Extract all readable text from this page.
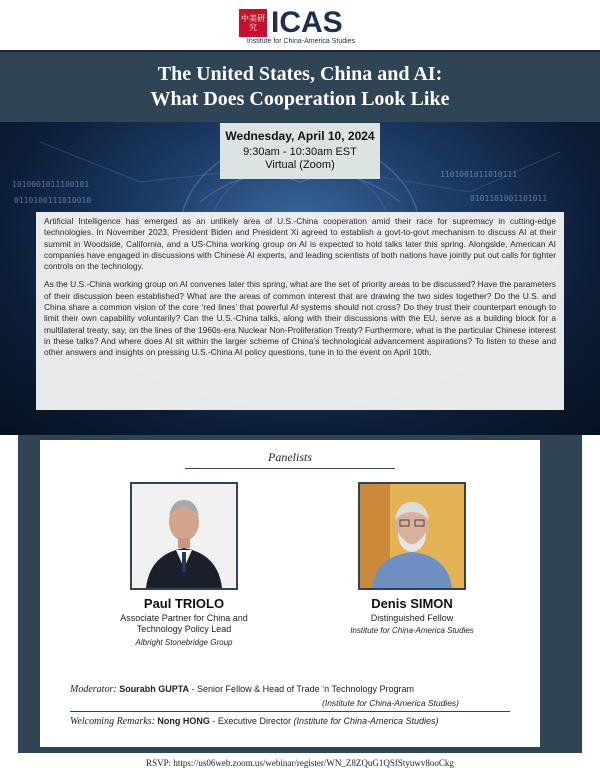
中美研究 ICAS
Institute for China-America Studies
The United States, China and AI:
What Does Cooperation Look Like
1010001011100101
1101001011010111
0110100111010010	0101101001101011
Wednesday, April 10, 2024
9:30am - 10:30am EST
Virtual (Zoom)

Artificial Intelligence has emerged as an unlikely area of U.S.-China cooperation amid their race for supremacy in cutting-edge technologies. In November 2023, President Biden and President Xi agreed to establish a govt-to-govt mechanism to discuss AI at their summit in Woodside, California, and a US-China working group on AI is expected to hold talks later this spring. Alongside, American AI companies have engaged in discussions with Chinese AI experts, and leading scientists of both nations have jointly put out calls for tighter controls on the technology.

As the U.S.-China working group on AI convenes later this spring, what are the set of priority areas to be discussed? Have the parameters of their discussion been established? What are the areas of common interest that are drawing the two sides together? Do the U.S. and China share a common vision of the core ‘red lines’ that powerful AI systems should not cross? Do they trust their counterpart enough to limit their own capability voluntarily? Can the U.S.-China talks, along with their discussions with the EU, serve as a building block for a multilateral treaty, say, on the lines of the 1960s-era Nuclear Non-Proliferation Treaty? Furthermore, what is the particular Chinese interest in these talks? And where does AI sit within the larger scheme of China’s technological advancement aspirations? To listen to these and other answers and insights on pressing U.S.-China AI policy questions, tune in to the event on April 10th.

Panelists
Paul TRIOLO
Associate Partner for China and
Technology Policy Lead
Albright Stonebridge Group
Denis SIMON
Distinguished Fellow
Institute for China-America Studies
Moderator: Sourabh GUPTA - Senior Fellow & Head of Trade ‘n Technology Program
(Institute for China-America Studies)
Welcoming Remarks: Nong HONG - Executive Director (Institute for China-America Studies)
RSVP: https://us06web.zoom.us/webinar/register/WN_Z8ZQuG1QSfStyuwv8ooCkg
